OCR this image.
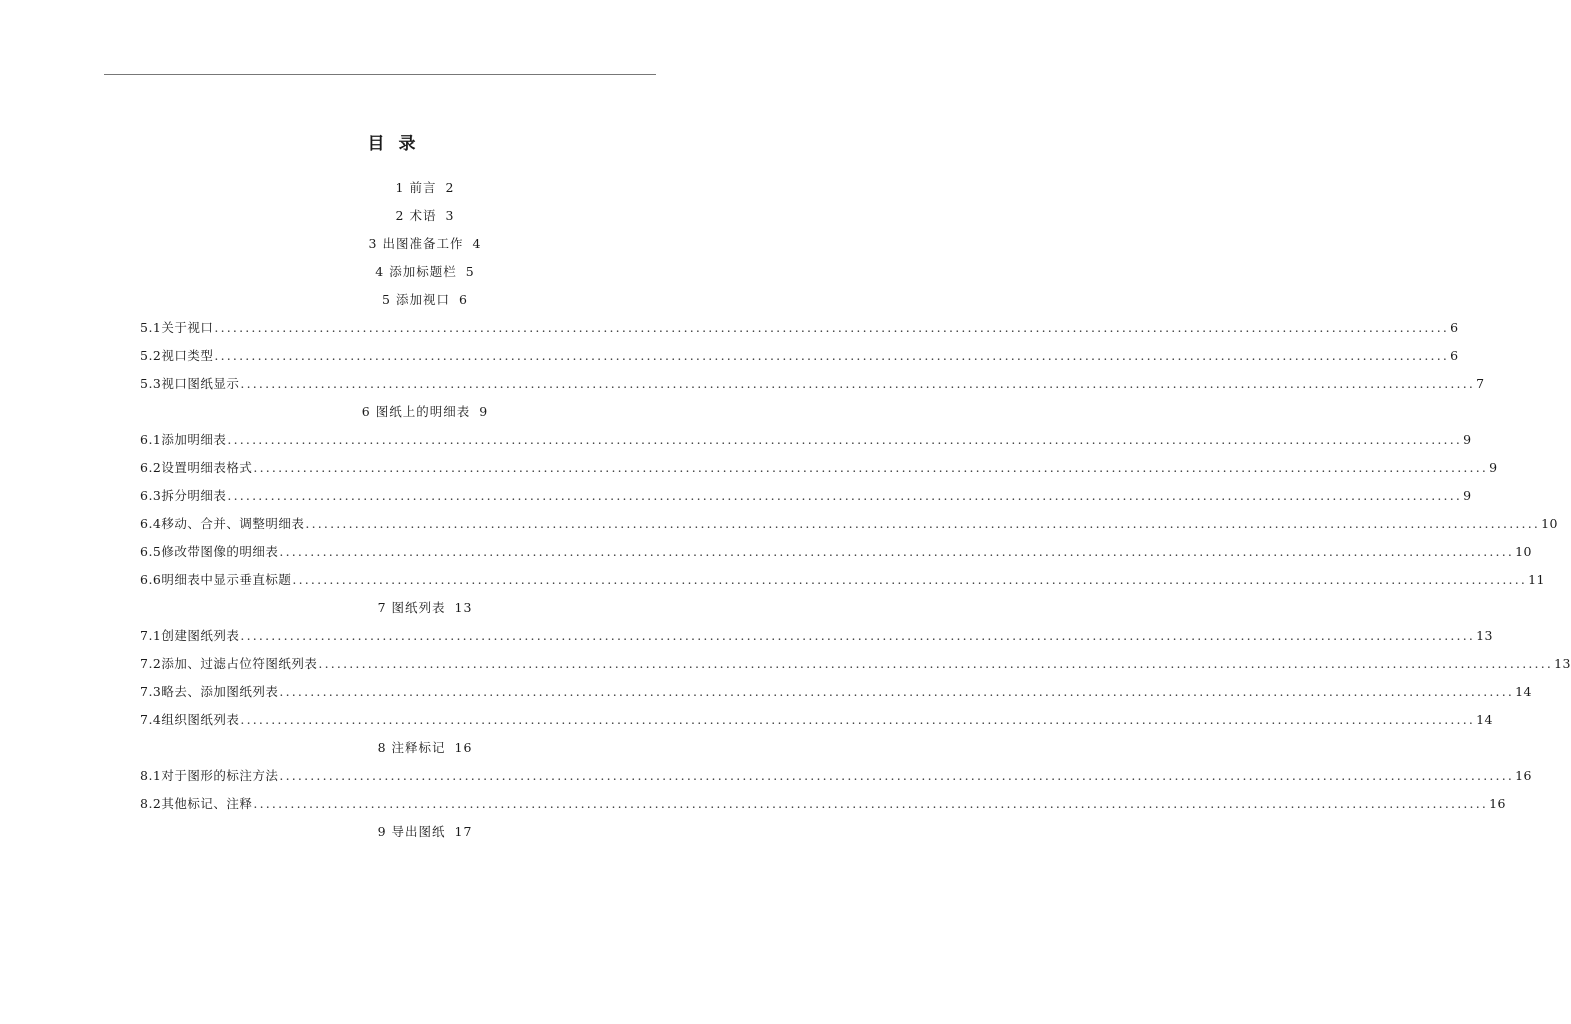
目 录
1 前言 2
2 术语 3
3 出图准备工作 4
4 添加标题栏 5
5 添加视口 6
5.1关于视口 ........................................................................................................................................................................................................ 6
5.2视口类型 ........................................................................................................................................................................................................ 6
5.3视口图纸显示 ........................................................................................................................................................................................................ 7
6 图纸上的明细表 9
6.1添加明细表 ........................................................................................................................................................................................................ 9
6.2设置明细表格式 ........................................................................................................................................................................................................ 9
6.3拆分明细表 ........................................................................................................................................................................................................ 9
6.4移动、合并、调整明细表 ........................................................................................................................................................................................................ 10
6.5修改带图像的明细表 ........................................................................................................................................................................................................ 10
6.6明细表中显示垂直标题 ........................................................................................................................................................................................................ 11
7 图纸列表 13
7.1创建图纸列表 ........................................................................................................................................................................................................ 13
7.2添加、过滤占位符图纸列表 ........................................................................................................................................................................................................ 13
7.3略去、添加图纸列表 ........................................................................................................................................................................................................ 14
7.4组织图纸列表 ........................................................................................................................................................................................................ 14
8 注释标记 16
8.1对于图形的标注方法 ........................................................................................................................................................................................................ 16
8.2其他标记、注释 ........................................................................................................................................................................................................ 16
9 导出图纸 17
